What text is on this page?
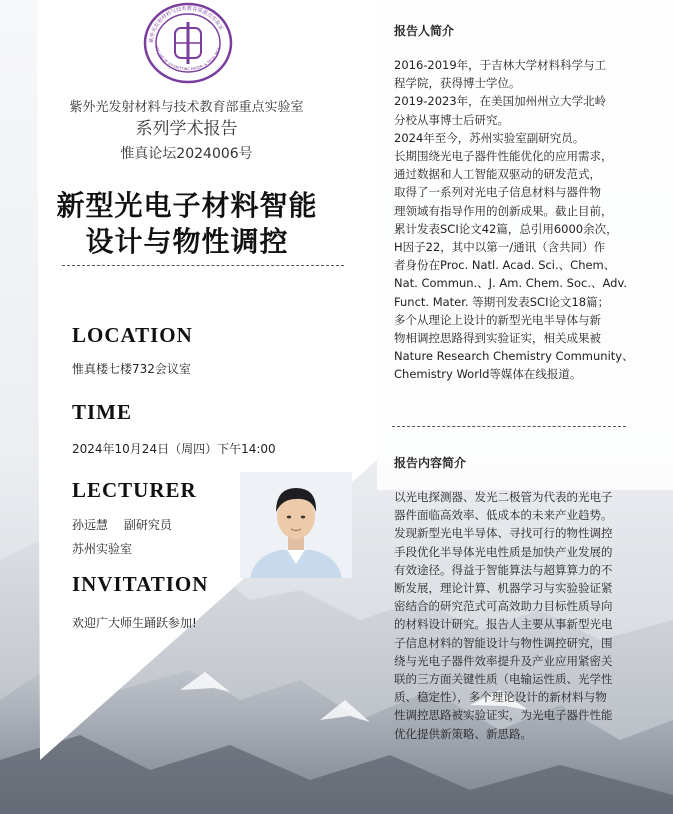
紫外光发射材料与技术教育部重点实验室
KEY LAB OF UV-EMITTING MATER. & TECH. MOE
紫外光发射材料与技术教育部重点实验室
系列学术报告
惟真论坛2024006号
新型光电子材料智能
设计与物性调控
LOCATION
惟真楼七楼732会议室
TIME
2024年10月24日（周四）下午14:00
LECTURER
孙远慧　 副研究员
苏州实验室
INVITATION
欢迎广大师生踊跃参加!
报告人简介
2016-2019年，于吉林大学材料科学与工
程学院，获得博士学位。
2019-2023年，在美国加州州立大学北岭
分校从事博士后研究。
2024年至今，苏州实验室副研究员。
长期围绕光电子器件性能优化的应用需求，
通过数据和人工智能双驱动的研发范式，
取得了一系列对光电子信息材料与器件物
理领域有指导作用的创新成果。截止目前，
累计发表SCI论文42篇，总引用6000余次，
H因子22，其中以第一/通讯（含共同）作
者身份在Proc. Natl. Acad. Sci.、Chem、
Nat. Commun.、J. Am. Chem. Soc.、Adv.
Funct. Mater. 等期刊发表SCI论文18篇；
多个从理论上设计的新型光电半导体与新
物相调控思路得到实验证实，相关成果被
Nature Research Chemistry Community、
Chemistry World等媒体在线报道。
报告内容简介
以光电探测器、发光二极管为代表的光电子
器件面临高效率、低成本的未来产业趋势。
发现新型光电半导体、寻找可行的物性调控
手段优化半导体光电性质是加快产业发展的
有效途径。得益于智能算法与超算算力的不
断发展，理论计算、机器学习与实验验证紧
密结合的研究范式可高效助力目标性质导向
的材料设计研究。报告人主要从事新型光电
子信息材料的智能设计与物性调控研究，围
绕与光电子器件效率提升及产业应用紧密关
联的三方面关键性质（电输运性质、光学性
质、稳定性），多个理论设计的新材料与物
性调控思路被实验证实，为光电子器件性能
优化提供新策略、新思路。
